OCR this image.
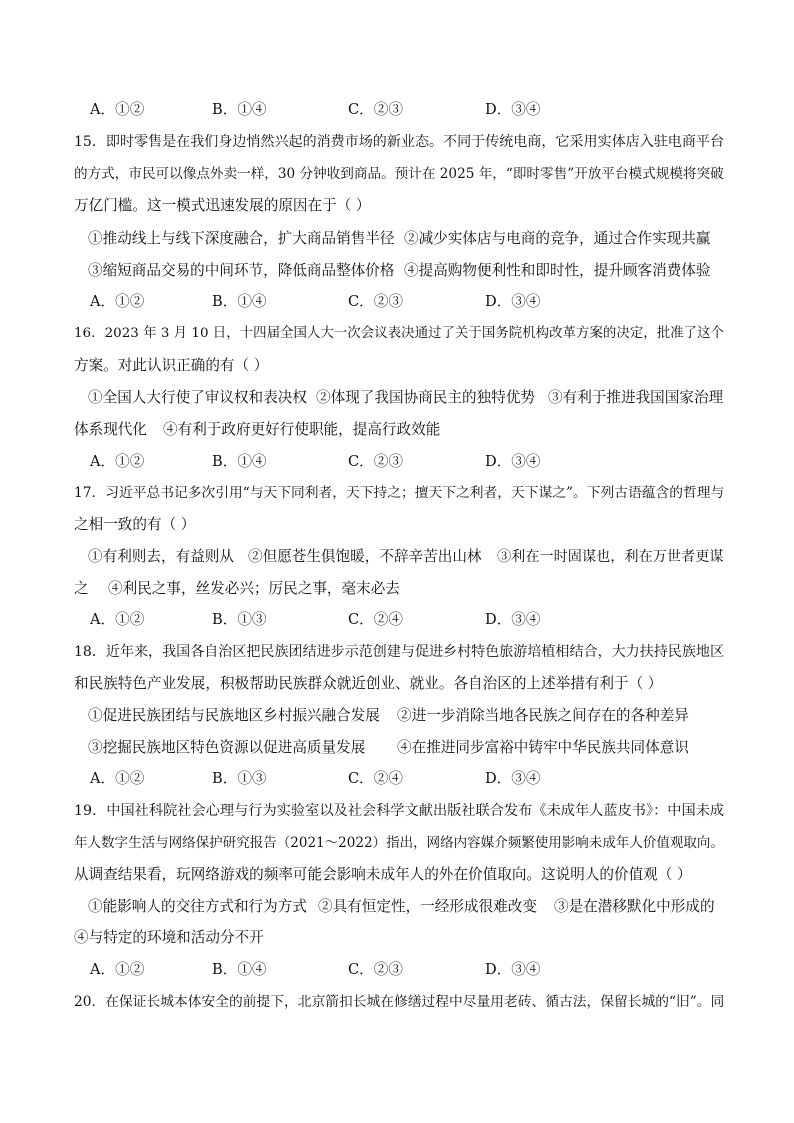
A．①②	B．①④	C．②③	D．③④
15．即时零售是在我们身边悄然兴起的消费市场的新业态。不同于传统电商，它采用实体店入驻电商平台
的方式，市民可以像点外卖一样，30 分钟收到商品。预计在 2025 年，“即时零售”开放平台模式规模将突破
万亿门槛。这一模式迅速发展的原因在于（ ）
①推动线上与线下深度融合，扩大商品销售半径 ②减少实体店与电商的竞争，通过合作实现共赢
③缩短商品交易的中间环节，降低商品整体价格 ④提高购物便利性和即时性，提升顾客消费体验
A．①②	B．①④	C．②③	D．③④
16．2023 年 3 月 10 日，十四届全国人大一次会议表决通过了关于国务院机构改革方案的决定，批准了这个
方案。对此认识正确的有（ ）
①全国人大行使了审议权和表决权 ②体现了我国协商民主的独特优势 ③有利于推进我国国家治理
体系现代化 ④有利于政府更好行使职能，提高行政效能
A．①②	B．①④	C．②③	D．③④
17．习近平总书记多次引用“与天下同利者，天下持之；擅天下之利者，天下谋之”。下列古语蕴含的哲理与
之相一致的有（ ）
①有利则去，有益则从 ②但愿苍生俱饱暖，不辞辛苦出山林 ③利在一时固谋也，利在万世者更谋
之 ④利民之事，丝发必兴；厉民之事，毫末必去
A．①②	B．①③	C．②④	D．③④
18．近年来，我国各自治区把民族团结进步示范创建与促进乡村特色旅游培植相结合，大力扶持民族地区
和民族特色产业发展，积极帮助民族群众就近创业、就业。各自治区的上述举措有利于（ ）
①促进民族团结与民族地区乡村振兴融合发展 ②进一步消除当地各民族之间存在的各种差异
③挖掘民族地区特色资源以促进高质量发展 ④在推进同步富裕中铸牢中华民族共同体意识
A．①②	B．①③	C．②④	D．③④
19．中国社科院社会心理与行为实验室以及社会科学文献出版社联合发布《未成年人蓝皮书》：中国未成
年人数字生活与网络保护研究报告（2021～2022）指出，网络内容媒介频繁使用影响未成年人价值观取向。
从调查结果看，玩网络游戏的频率可能会影响未成年人的外在价值取向。这说明人的价值观（ ）
①能影响人的交往方式和行为方式 ②具有恒定性，一经形成很难改变 ③是在潜移默化中形成的
④与特定的环境和活动分不开
A．①②	B．①④	C．②③	D．③④
20．在保证长城本体安全的前提下，北京箭扣长城在修缮过程中尽量用老砖、循古法，保留长城的“旧”。同
